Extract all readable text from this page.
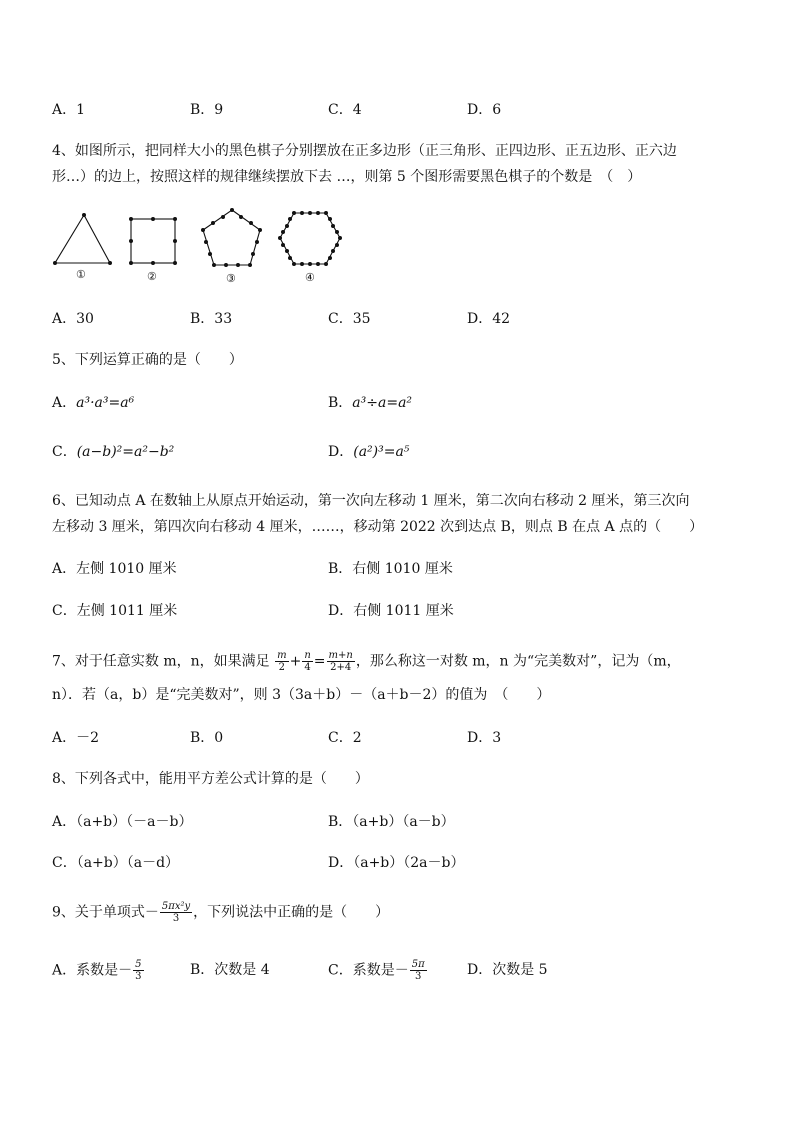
A．1	B．9	C．4	D．6
4、如图所示，把同样大小的黑色棋子分别摆放在正多边形（正三角形、正四边形、正五边形、正六边
形…）的边上，按照这样的规律继续摆放下去 …，则第 5 个图形需要黑色棋子的个数是　（　）
①	②	③	④
A．30	B．33	C．35	D．42
5、下列运算正确的是（　　）
A．a³·a³=a⁶	B．a³÷a=a²
C．(a−b)²=a²−b²	D．(a²)³=a⁵
6、已知动点 A 在数轴上从原点开始运动，第一次向左移动 1 厘米，第二次向右移动 2 厘米，第三次向
左移动 3 厘米，第四次向右移动 4 厘米，……，移动第 2022 次到达点 B，则点 B 在点 A 点的（　　）
A．左侧 1010 厘米	B．右侧 1010 厘米
C．左侧 1011 厘米	D．右侧 1011 厘米
7、对于任意实数 m，n，如果满足 $\frac{m}{2} + \frac{n}{4} = \frac{m+n}{2+4}$ ，那么称这一对数 m，n 为“完美数对”，记为（m，
n）．若（a，b）是“完美数对”，则 3（3a＋b）－（a＋b－2）的值为　（　　）
A．－2	B．0	C．2	D．3
8、下列各式中，能用平方差公式计算的是（　　）
A．（a+b）（－a－b）	B．（a+b）（a－b）
C．（a+b）（a－d）	D．（a+b）（2a－b）
9、关于单项式－ $\frac{\text{5πx²y}}{3}$ ，下列说法中正确的是（　　）
A．系数是－ $\frac{5}{3}$	B．次数是 4	C．系数是－ $\frac{5\pi}{3}$	D．次数是 5
